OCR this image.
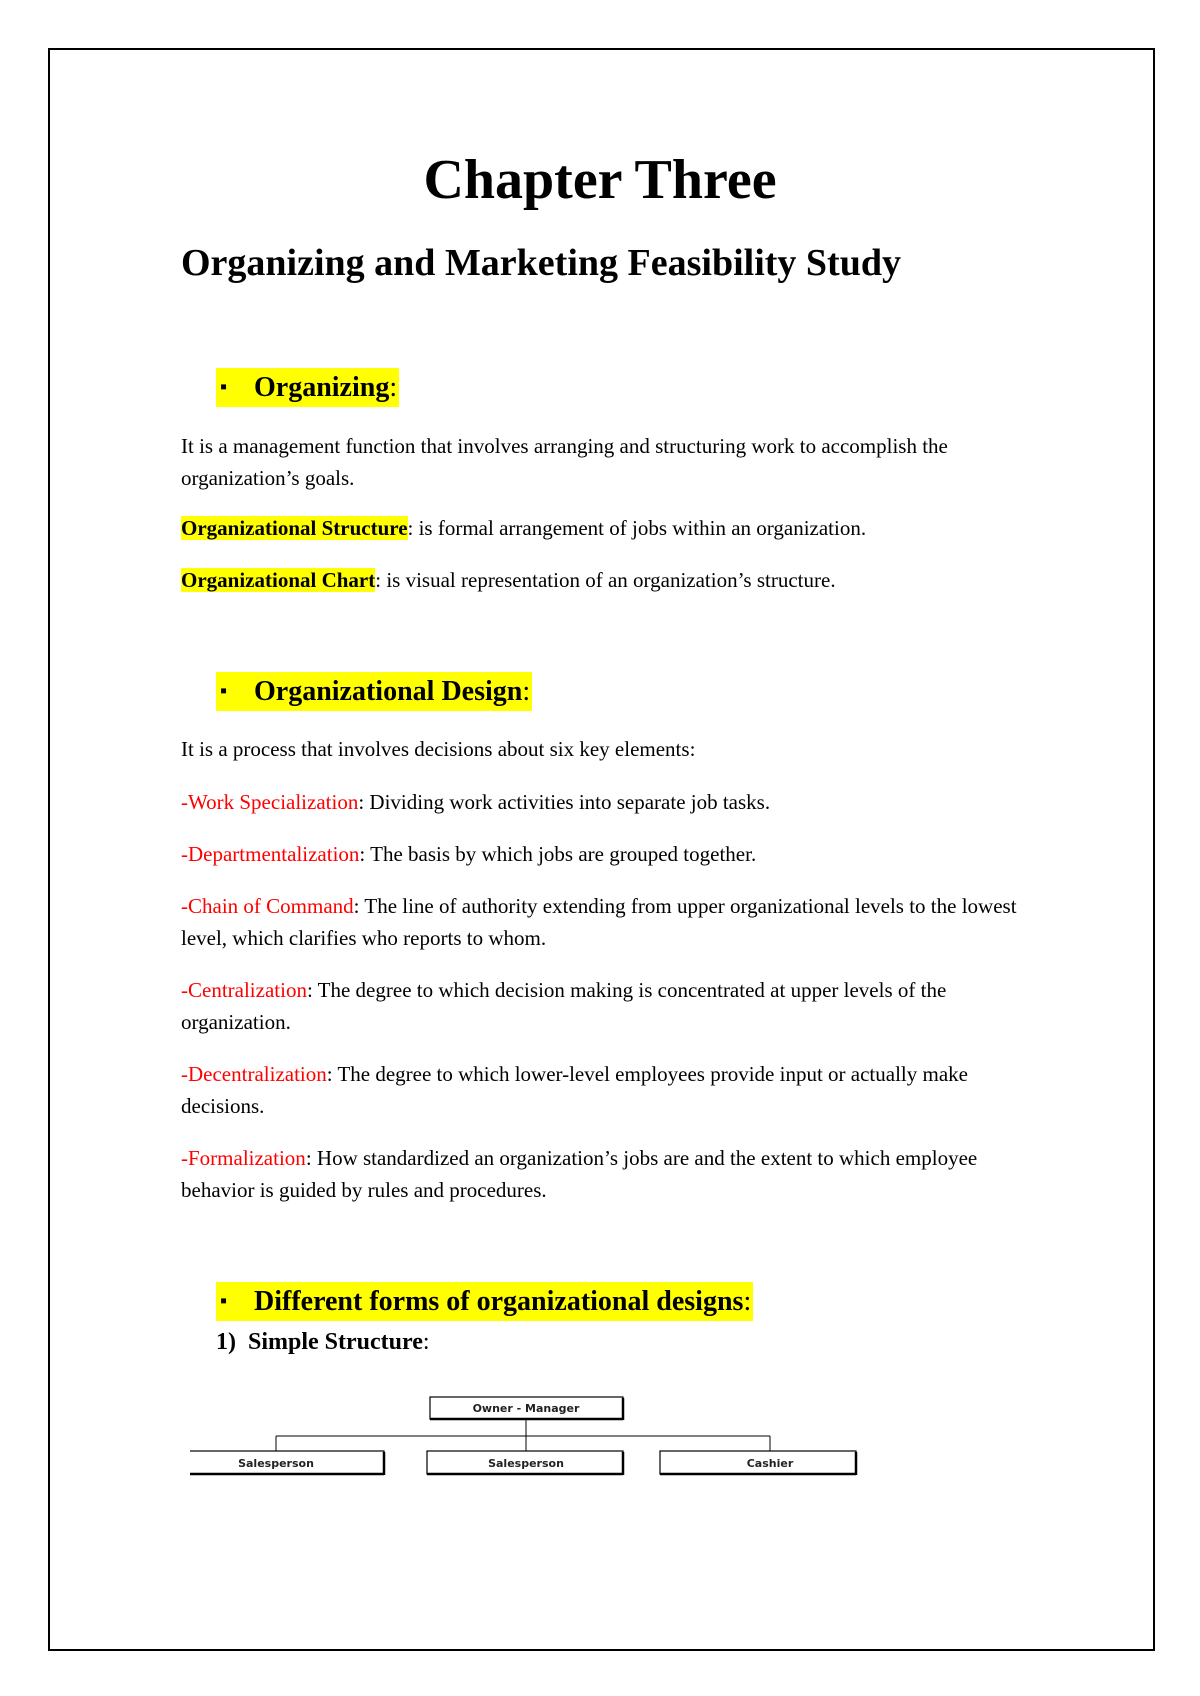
Chapter Three
Organizing and Marketing Feasibility Study
▪ Organizing:

It is a management function that involves arranging and structuring work to accomplish the

organization’s goals.

Organizational Structure: is formal arrangement of jobs within an organization.

Organizational Chart: is visual representation of an organization’s structure.

▪ Organizational Design:

It is a process that involves decisions about six key elements:

-Work Specialization: Dividing work activities into separate job tasks.

-Departmentalization: The basis by which jobs are grouped together.

-Chain of Command: The line of authority extending from upper organizational levels to the lowest level, which clarifies who reports to whom.

-Centralization: The degree to which decision making is concentrated at upper levels of the organization.

-Decentralization: The degree to which lower-level employees provide input or actually make decisions.

-Formalization: How standardized an organization’s jobs are and the extent to which employee behavior is guided by rules and procedures.

▪ Different forms of organizational designs:
1) Simple Structure:
Owner - Manager
Salesperson	Salesperson	Cashier
